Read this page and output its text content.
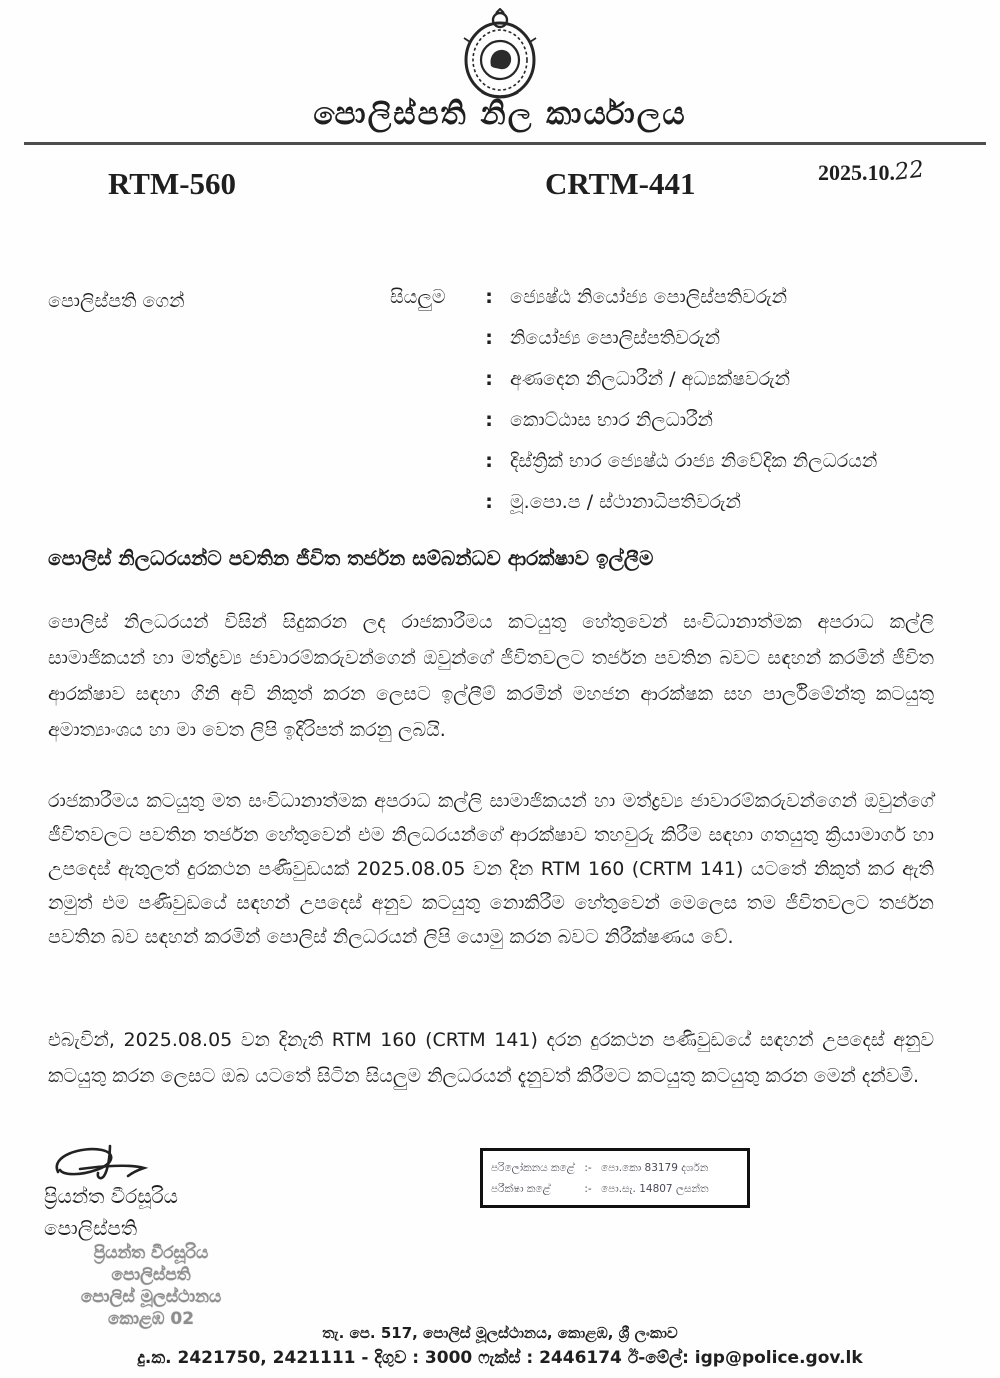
පොලිස්පති නිල කාර්යාලය
RTM-560	CRTM-441	2025.10.22
පොලිස්පති ගෙන්	සියලුම	: ජ්‍යෙෂ්ඨ නියෝජ්‍ය පොලිස්පතිවරුන්
: නියෝජ්‍ය පොලිස්පතිවරුන්
: අණදෙන නිලධාරීන් / අධ්‍යක්ෂවරුන්
: කොට්ඨාස භාර නිලධාරීන්
: දිස්ත්‍රික් භාර ජ්‍යෙෂ්ඨ රාජ්‍ය නිවේදික නිලධරයන්
: මූ.පො.ප / ස්ථානාධිපතිවරුන්
පොලිස් නිලධරයන්ට පවතින ජීවිත තර්ජන සම්බන්ධව ආරක්ෂාව ඉල්ලීම
පොලිස් නිලධරයන් විසින් සිදුකරන ලද රාජකාරීමය කටයුතු හේතුවෙන් සංවිධානාත්මක අපරාධ කල්ලි සාමාජිකයන් හා මත්ද්‍රව්‍ය ජාවාරම්කරුවන්ගෙන් ඔවුන්ගේ ජීවිතවලට තර්ජන පවතින බවට සඳහන් කරමින් ජීවිත ආරක්ෂාව සඳහා ගිනි අවි නිකුත් කරන ලෙසට ඉල්ලීම් කරමින් මහජන ආරක්ෂක සහ පාර්ලිමේන්තු කටයුතු අමාත්‍යාංශය හා මා වෙත ලිපි ඉදිරිපත් කරනු ලබයි.
රාජකාරීමය කටයුතු මත සංවිධානාත්මක අපරාධ කල්ලි සාමාජිකයන් හා මත්ද්‍රව්‍ය ජාවාරම්කරුවන්ගෙන් ඔවුන්ගේ ජීවිතවලට පවතින තර්ජන හේතුවෙන් එම නිලධරයන්ගේ ආරක්ෂාව තහවුරු කිරීම සඳහා ගතයුතු ක්‍රියාමාර්ග හා උපදෙස් ඇතුලත් දුරකථන පණිවුඩයක් 2025.08.05 වන දින RTM 160 (CRTM 141) යටතේ නිකුත් කර ඇති නමුත් එම පණිවුඩයේ සඳහන් උපදෙස් අනුව කටයුතු නොකිරීම හේතුවෙන් මෙලෙස තම ජීවිතවලට තර්ජන පවතින බව සඳහන් කරමින් පොලිස් නිලධරයන් ලිපි යොමු කරන බවට නිරීක්ෂණය වේ.
එබැවින්, 2025.08.05 වන දිනැති RTM 160 (CRTM 141) දරන දුරකථන පණිවුඩයේ සඳහන් උපදෙස් අනුව කටයුතු කරන ලෙසට ඔබ යටතේ සිටින සියලුම නිලධරයන් දැනුවත් කිරීමට කටයුතු කටයුතු කරන මෙන් දන්වමි.
ප්‍රියන්ත වීරසූරිය
පොලිස්පති
ප්‍රියන්ත වීරසූරිය
පොලිස්පති
පොලිස් මූලස්ථානය
කොළඹ 02
පරිලෝකනය කළේ :- පො.කො 83179 දර්ශන
පරීක්ෂා කළේ	:- පො.සැ. 14807 ලසන්ත
තැ. පෙ. 517, පොලිස් මූලස්ථානය, කොළඹ, ශ්‍රී ලංකාව
දු.ක. 2421750, 2421111 - දිගුව : 3000 ෆැක්ස් : 2446174 ඊ-මේල්: igp@police.gov.lk
